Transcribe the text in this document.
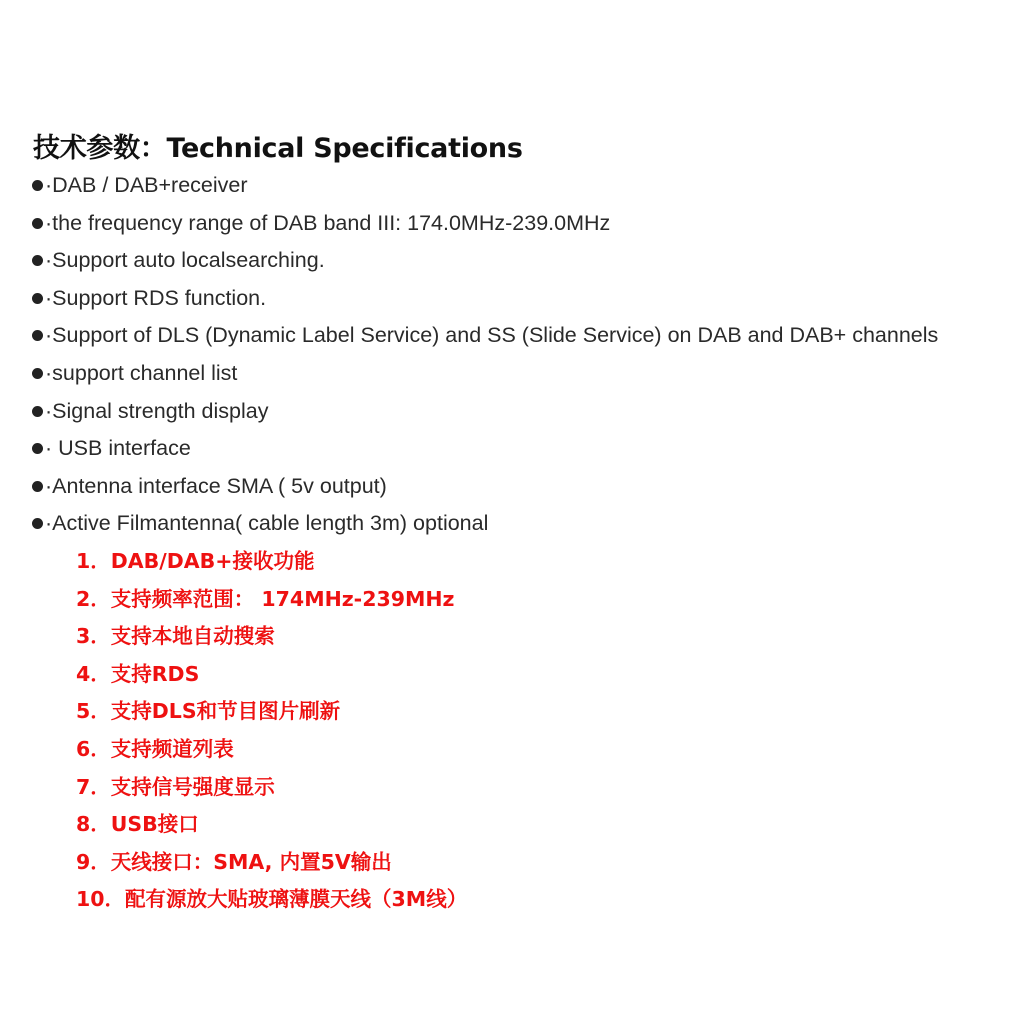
技术参数：Technical Specifications
·DAB / DAB+receiver
·the frequency range of DAB band III: 174.0MHz-239.0MHz
·Support auto localsearching.
·Support RDS function.
·Support of DLS (Dynamic Label Service) and SS (Slide Service) on DAB and DAB+ channels
·support channel list
·Signal strength display
· USB interface
·Antenna interface SMA ( 5v output)
·Active Filmantenna( cable length 3m) optional
1．DAB/DAB+接收功能
2．支持频率范围： 174MHz-239MHz
3．支持本地自动搜索
4．支持RDS
5．支持DLS和节目图片刷新
6．支持频道列表
7．支持信号强度显示
8．USB接口
9．天线接口：SMA, 内置5V输出
10．配有源放大贴玻璃薄膜天线（3M线）
